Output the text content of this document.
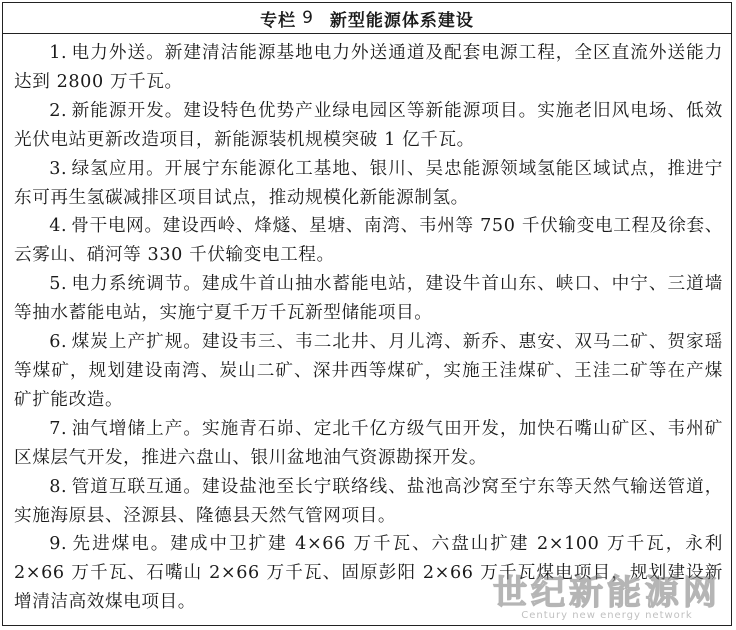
专栏 9 新型能源体系建设

1. 电力外送。新建清洁能源基地电力外送通道及配套电源工程，全区直流外送能力达到 2800 万千瓦。

2. 新能源开发。建设特色优势产业绿电园区等新能源项目。实施老旧风电场、低效光伏电站更新改造项目，新能源装机规模突破 1 亿千瓦。

3. 绿氢应用。开展宁东能源化工基地、银川、吴忠能源领域氢能区域试点，推进宁东可再生氢碳减排区项目试点，推动规模化新能源制氢。

4. 骨干电网。建设西岭、烽燧、星塘、南湾、韦州等 750 千伏输变电工程及徐套、云雾山、硝河等 330 千伏输变电工程。

5. 电力系统调节。建成牛首山抽水蓄能电站，建设牛首山东、峡口、中宁、三道墙等抽水蓄能电站，实施宁夏千万千瓦新型储能项目。

6. 煤炭上产扩规。建设韦三、韦二北井、月儿湾、新乔、惠安、双马二矿、贺家瑶等煤矿，规划建设南湾、炭山二矿、深井西等煤矿，实施王洼煤矿、王洼二矿等在产煤矿扩能改造。

7. 油气增储上产。实施青石峁、定北千亿方级气田开发，加快石嘴山矿区、韦州矿区煤层气开发，推进六盘山、银川盆地油气资源勘探开发。

8. 管道互联互通。建设盐池至长宁联络线、盐池高沙窝至宁东等天然气输送管道，实施海原县、泾源县、隆德县天然气管网项目。

9. 先进煤电。建成中卫扩建 4×66 万千瓦、六盘山扩建 2×100 万千瓦，永利 2×66 万千瓦、石嘴山 2×66 万千瓦、固原彭阳 2×66 万千瓦煤电项目，规划建设新增清洁高效煤电项目。	世纪新能源网
Century new energy network
